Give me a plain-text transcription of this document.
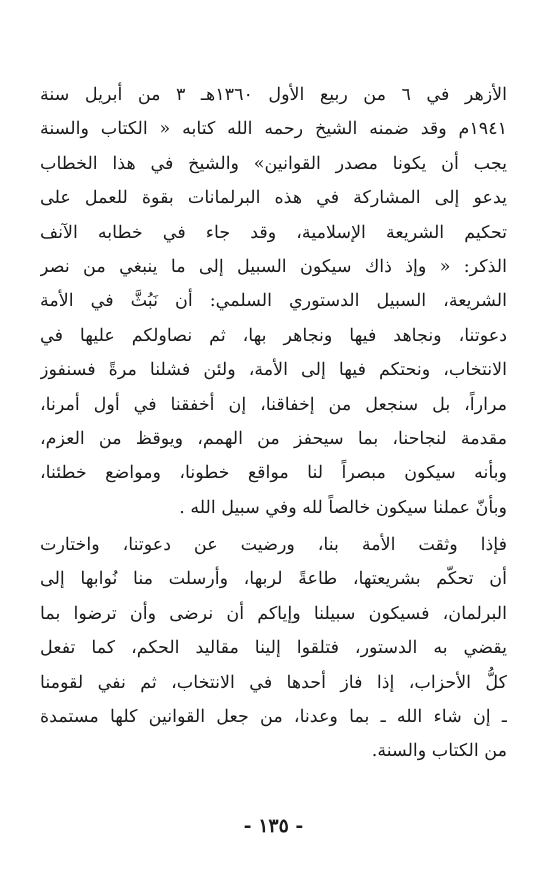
الأزهر في ٦ من ربيع الأول ١٣٦٠هـ ٣ من أبريل سنة
١٩٤١م وقد ضمنه الشيخ رحمه الله كتابه « الكتاب والسنة
يجب أن يكونا مصدر القوانين» والشيخ في هذا الخطاب
يدعو إلى المشاركة في هذه البرلمانات بقوة للعمل على
تحكيم الشريعة الإسلامية، وقد جاء في خطابه الآنف
الذكر: « وإذ ذاك سيكون السبيل إلى ما ينبغي من نصر
الشريعة، السبيل الدستوري السلمي: أن نَبُثَّ في الأمة
دعوتنا، ونجاهد فيها ونجاهر بها، ثم نصاولكم عليها في
الانتخاب، ونحتكم فيها إلى الأمة، ولئن فشلنا مرةً فسنفوز
مراراً، بل سنجعل من إخفاقنا، إن أخفقنا في أول أمرنا،
مقدمة لنجاحنا، بما سيحفز من الهمم، ويوقظ من العزم،
وبأنه سيكون مبصراً لنا مواقع خطونا، ومواضع خطئنا،
وبأنّ عملنا سيكون خالصاً لله وفي سبيل الله .
فإذا وثقت الأمة بنا، ورضيت عن دعوتنا، واختارت
أن تحكّم بشريعتها، طاعةً لربها، وأرسلت منا نُوابها إلى
البرلمان، فسيكون سبيلنا وإياكم أن نرضى وأن ترضوا بما
يقضي به الدستور، فتلقوا إلينا مقاليد الحكم، كما تفعل
كلُّ الأحزاب، إذا فاز أحدها في الانتخاب، ثم نفي لقومنا
ـ إن شاء الله ـ بما وعدنا، من جعل القوانين كلها مستمدة
من الكتاب والسنة.
- ١٣٥ -
